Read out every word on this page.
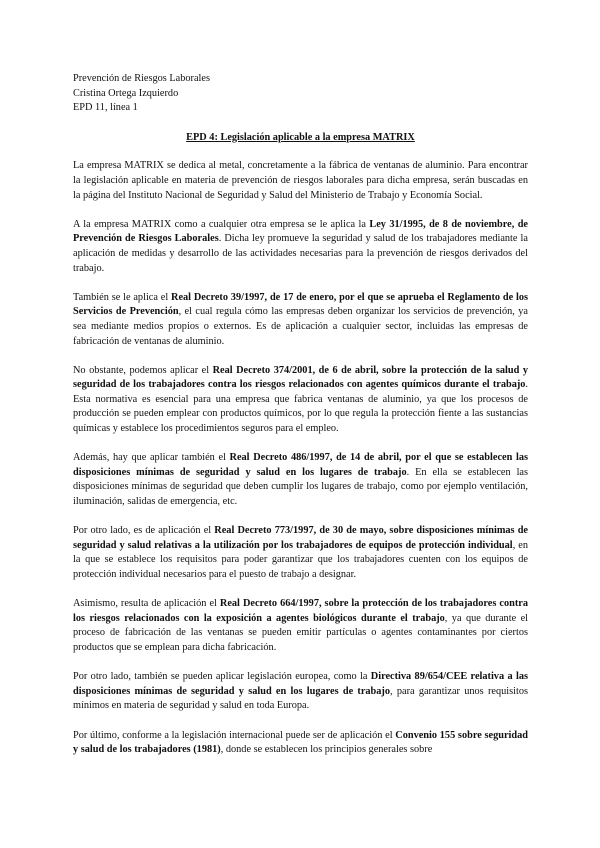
Prevención de Riesgos Laborales

Cristina Ortega Izquierdo

EPD 11, línea 1

EPD 4: Legislación aplicable a la empresa MATRIX

La empresa MATRIX se dedica al metal, concretamente a la fábrica de ventanas de aluminio. Para encontrar la legislación aplicable en materia de prevención de riesgos laborales para dicha empresa, serán buscadas en la página del Instituto Nacional de Seguridad y Salud del Ministerio de Trabajo y Economía Social.

A la empresa MATRIX como a cualquier otra empresa se le aplica la Ley 31/1995, de 8 de noviembre, de Prevención de Riesgos Laborales. Dicha ley promueve la seguridad y salud de los trabajadores mediante la aplicación de medidas y desarrollo de las actividades necesarias para la prevención de riesgos derivados del trabajo.

También se le aplica el Real Decreto 39/1997, de 17 de enero, por el que se aprueba el Reglamento de los Servicios de Prevención, el cual regula cómo las empresas deben organizar los servicios de prevención, ya sea mediante medios propios o externos. Es de aplicación a cualquier sector, incluidas las empresas de fabricación de ventanas de aluminio.

No obstante, podemos aplicar el Real Decreto 374/2001, de 6 de abril, sobre la protección de la salud y seguridad de los trabajadores contra los riesgos relacionados con agentes químicos durante el trabajo. Esta normativa es esencial para una empresa que fabrica ventanas de aluminio, ya que los procesos de producción se pueden emplear con productos químicos, por lo que regula la protección fiente a las sustancias químicas y establece los procedimientos seguros para el empleo.

Además, hay que aplicar también el Real Decreto 486/1997, de 14 de abril, por el que se establecen las disposiciones mínimas de seguridad y salud en los lugares de trabajo. En ella se establecen las disposiciones mínimas de seguridad que deben cumplir los lugares de trabajo, como por ejemplo ventilación, iluminación, salidas de emergencia, etc.

Por otro lado, es de aplicación el Real Decreto 773/1997, de 30 de mayo, sobre disposiciones mínimas de seguridad y salud relativas a la utilización por los trabajadores de equipos de protección individual, en la que se establece los requisitos para poder garantizar que los trabajadores cuenten con los equipos de protección individual necesarios para el puesto de trabajo a designar.

Asimismo, resulta de aplicación el Real Decreto 664/1997, sobre la protección de los trabajadores contra los riesgos relacionados con la exposición a agentes biológicos durante el trabajo, ya que durante el proceso de fabricación de las ventanas se pueden emitir partículas o agentes contaminantes por ciertos productos que se emplean para dicha fabricación.

Por otro lado, también se pueden aplicar legislación europea, como la Directiva 89/654/CEE relativa a las disposiciones mínimas de seguridad y salud en los lugares de trabajo, para garantizar unos requisitos mínimos en materia de seguridad y salud en toda Europa.

Por último, conforme a la legislación internacional puede ser de aplicación el Convenio 155 sobre seguridad y salud de los trabajadores (1981), donde se establecen los principios generales sobre
